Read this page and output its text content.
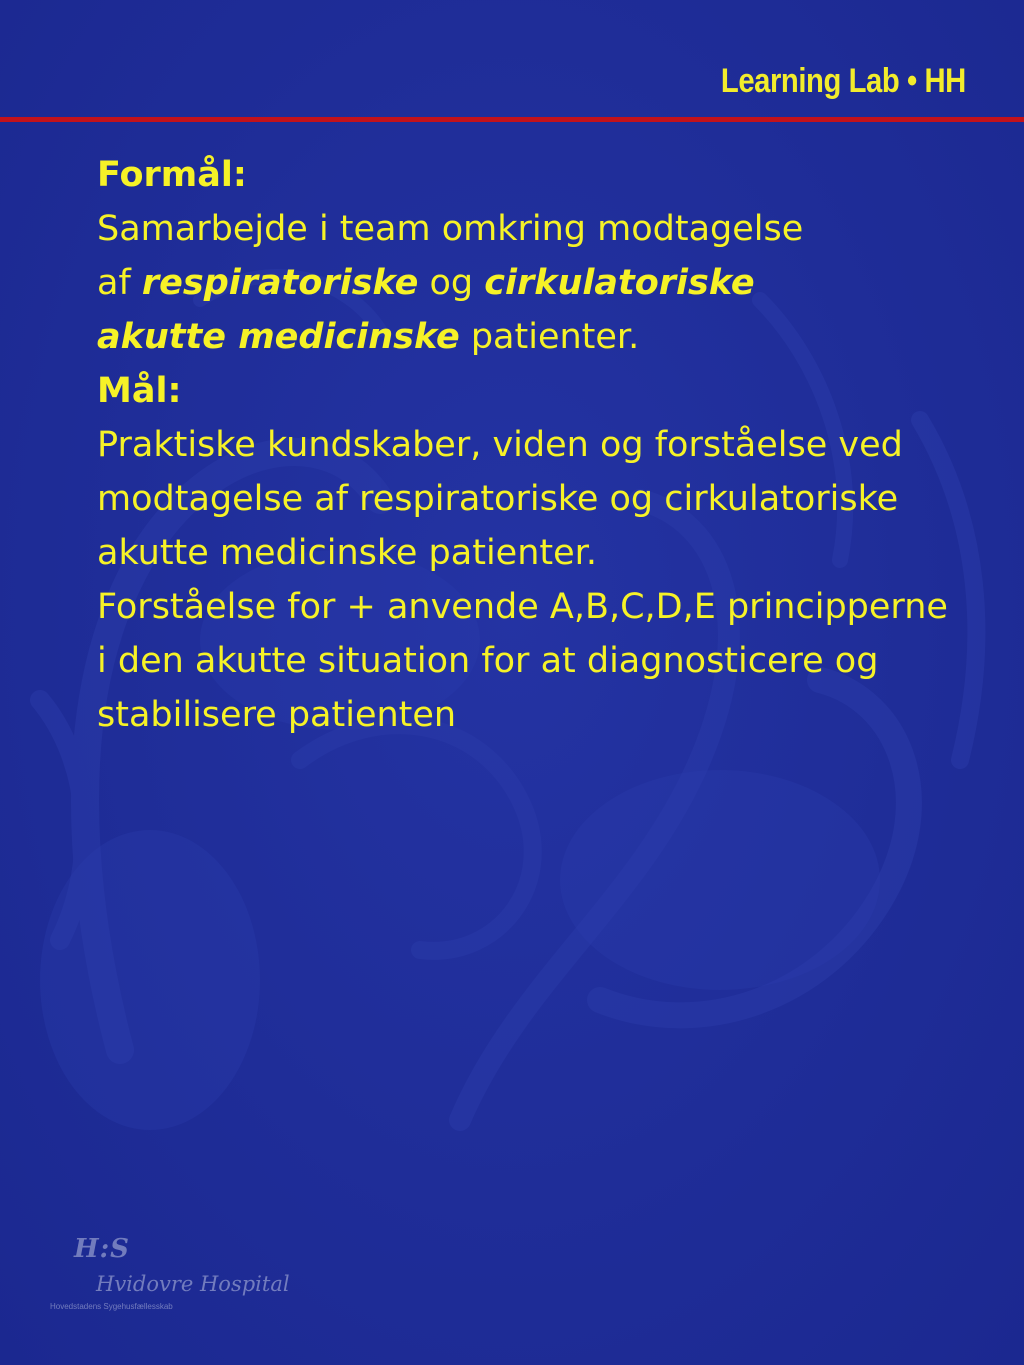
Learning Lab • HH

Formål:

Samarbejde i team omkring modtagelse
af respiratoriske og cirkulatoriske
akutte medicinske patienter.

Mål:

Praktiske kundskaber, viden og forståelse ved modtagelse af respiratoriske og cirkulatoriske akutte medicinske patienter.

Forståelse for + anvende A,B,C,D,E principperne i den akutte situation for at diagnosticere og stabilisere patienten

H:S
Hvidovre Hospital
Hovedstadens Sygehusfællesskab
